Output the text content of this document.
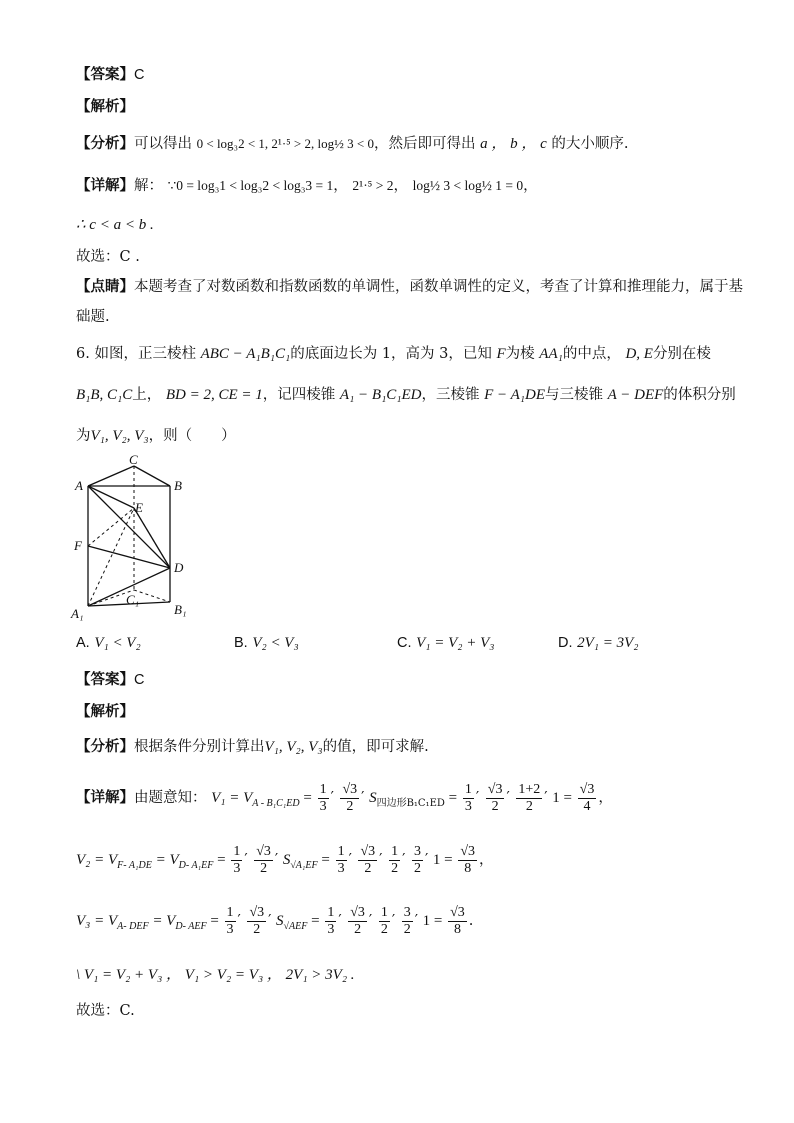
【答案】C
【解析】
【分析】可以得出 0 < log₃2 < 1, 2¹·⁵ > 2, log½ 3 < 0，然后即可得出 a ， b ， c 的大小顺序.
【详解】解： ∵0 = log₃1 < log₃2 < log₃3 = 1， 2¹·⁵ > 2， log½ 3 < log½ 1 = 0，
∴ c < a < b .
故选：C .
【点睛】本题考查了对数函数和指数函数的单调性，函数单调性的定义，考查了计算和推理能力，属于基
础题.
6. 如图，正三棱柱 ABC − A₁B₁C₁的底面边长为 1，高为 3，已知 F为棱 AA₁的中点， D, E分别在棱
B₁B, C₁C上， BD = 2, CE = 1，记四棱锥 A₁ − B₁C₁ED，三棱锥 F − A₁DE与三棱锥 A − DEF的体积分别
为V₁, V₂, V₃，则（　　）
C
A	B
E
F
D
A₁
C₁
B₁
A. V₁ < V₂	B. V₂ < V₃	C. V₁ = V₂ + V₃	D. 2V₁ = 3V₂
【答案】C
【解析】
【分析】根据条件分别计算出V₁, V₂, V₃的值，即可求解.
【详解】由题意知： $V_1 = V_{A - B_1C_1ED} = \frac{1}{3}$ ′ $\frac{√3}{2}$ ′ $S_{四边形B_1C_1ED} = \frac{1}{3}$ ′ $\frac{√3}{2}$ ′ $\frac{1+2}{2}$ ′ $1 = \frac{√3}{4}$ ，
$V_2 = V_{F- A_1DE} = V_{D- A_1EF} = \frac{1}{3}$ ′ $\frac{√3}{2}$ ′ $S_{√A_1EF} = \frac{1}{3}$ ′ $\frac{√3}{2}$ ′ $\frac{1}{2}$ ′ $\frac{3}{2}$ ′ $1 = \frac{√3}{8}$ ，
$V_3 = V_{A- DEF} = V_{D- AEF} = \frac{1}{3}$ ′ $\frac{√3}{2}$ ′ $S_{√AEF} = \frac{1}{3}$ ′ $\frac{√3}{2}$ ′ $\frac{1}{2}$ ′ $\frac{3}{2}$ ′ $1 = \frac{√3}{8}$ .
\ V₁ = V₂ + V₃ ， V₁ > V₂ = V₃ ， 2V₁ > 3V₂ .
故选：C.
